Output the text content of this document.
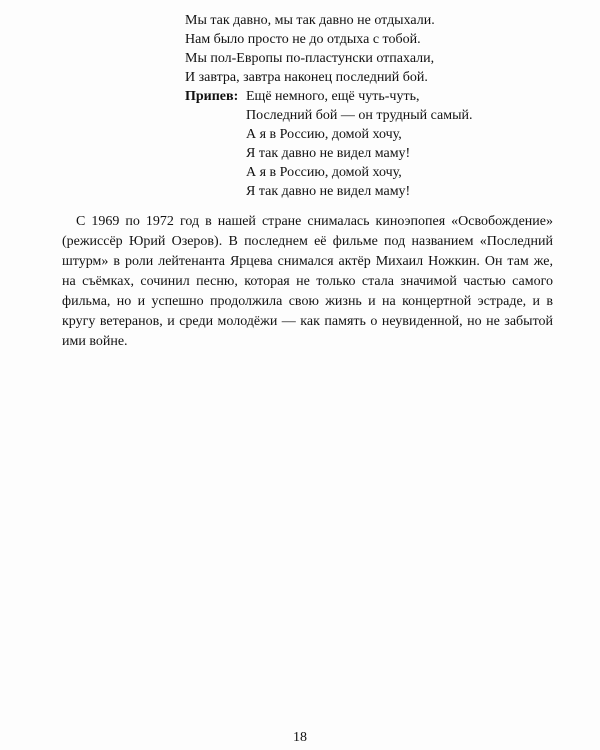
Мы так давно, мы так давно не отдыхали.
Нам было просто не до отдыха с тобой.
Мы пол-Европы по-пластунски отпахали,
И завтра, завтра наконец последний бой.
Припев: Ещё немного, ещё чуть-чуть,
Последний бой — он трудный самый.
А я в Россию, домой хочу,
Я так давно не видел маму!
А я в Россию, домой хочу,
Я так давно не видел маму!

С 1969 по 1972 год в нашей стране снималась киноэпопея «Освобождение» (режиссёр Юрий Озеров). В последнем её фильме под названием «Последний штурм» в роли лейтенанта Ярцева снимался актёр Михаил Ножкин. Он там же, на съёмках, сочинил песню, которая не только стала значимой частью самого фильма, но и успешно продолжила свою жизнь и на концертной эстраде, и в кругу ветеранов, и среди молодёжи — как память о неувиденной, но не забытой ими войне.

18
